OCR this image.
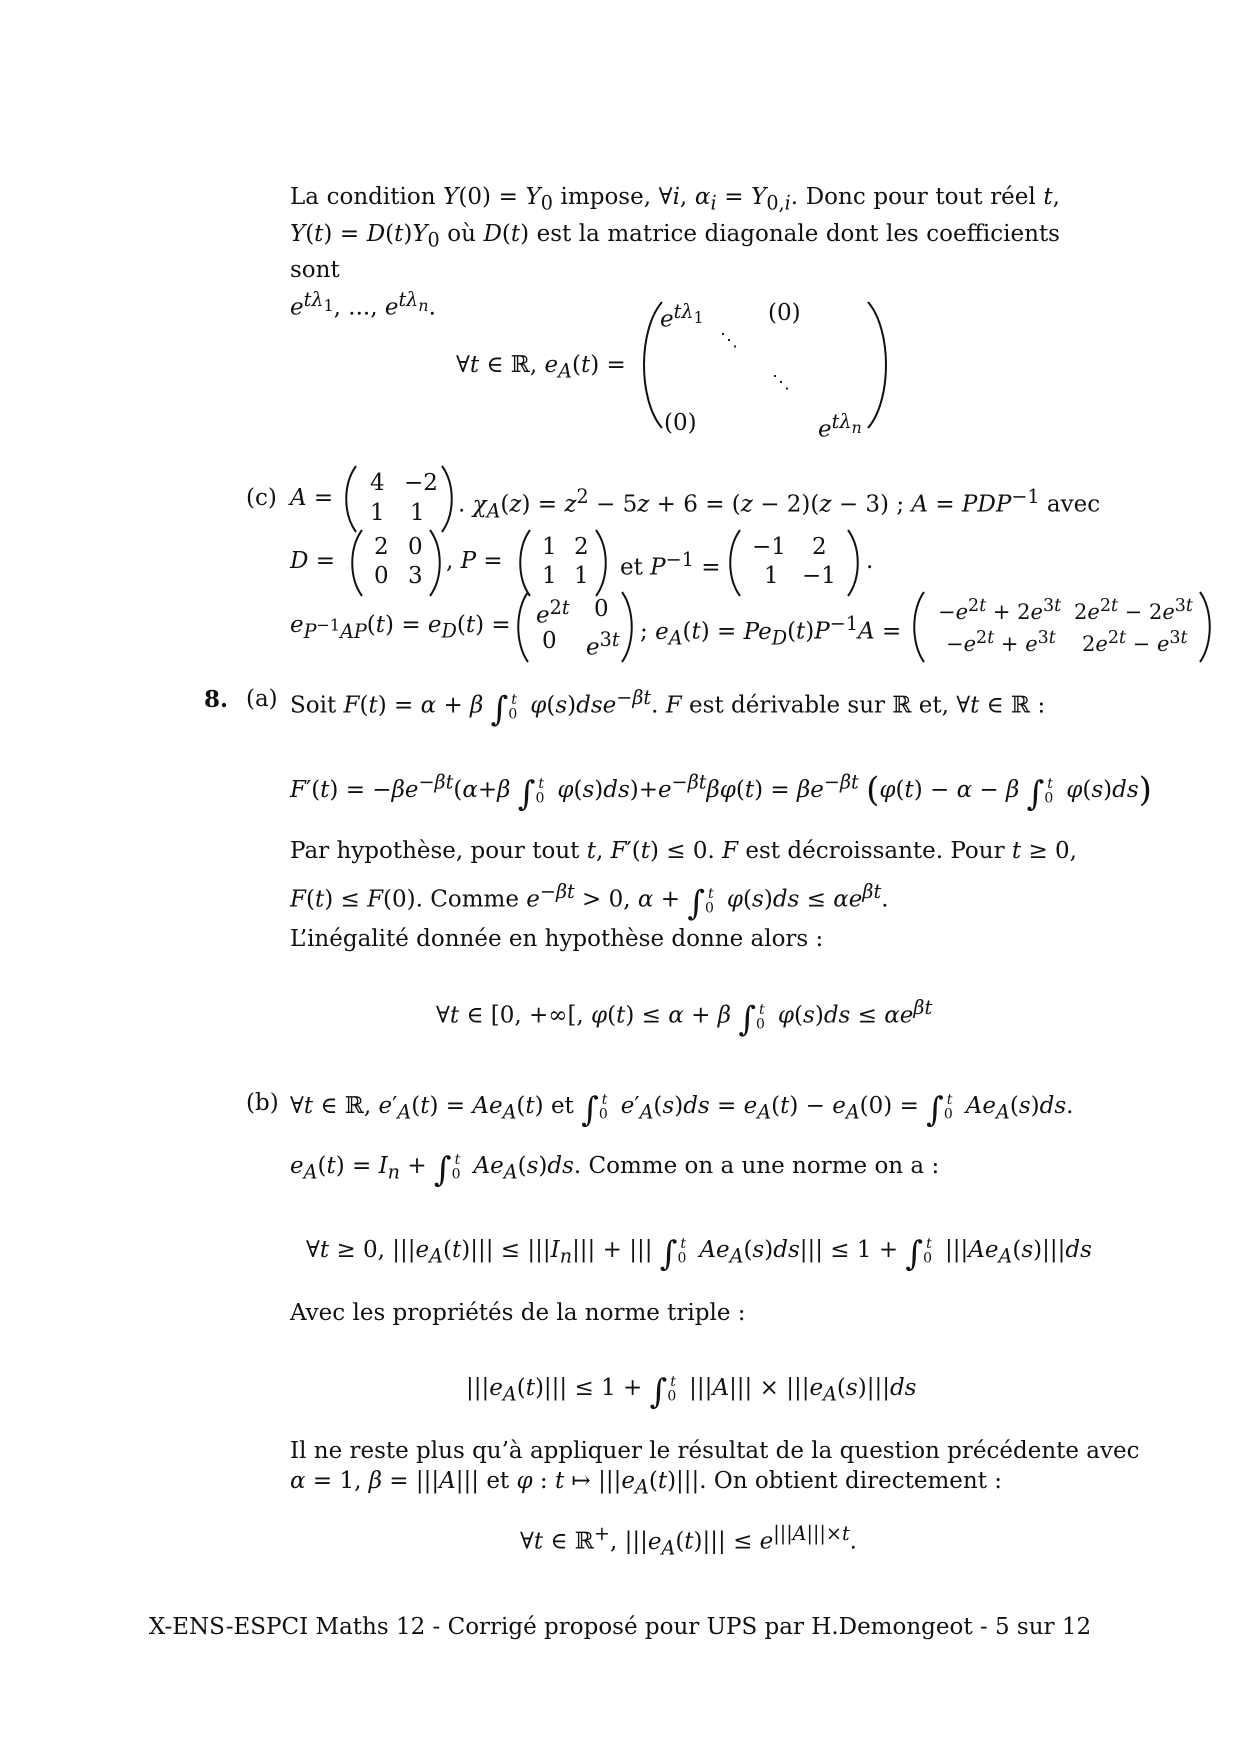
La condition $Y(0) = Y_0$ impose, ∀i, $\alpha_i = Y_{0,i}$. Donc pour tout réel t,
$Y(t) = D(t)Y_0$ où D(t) est la matrice diagonale dont les coefficients sont
$e^{t\lambda_1}$, ..., $e^{t\lambda_n}$.
∀t ∈ ℝ, $e_A(t)$ =
$e^{t\lambda_1}$	(0)
⋱
⋱
(0)	$e^{t\lambda_n}$
(c) A =
4 −2
1 1 . $\chi_A(z) = z^2 - 5z + 6 = (z - 2)(z - 3)$ ; $A = PDP^{-1}$ avec
D =
2 0
0 3
, P =
1 2
1 1 et $P^{-1}$ =
−1 2
1 −1
.
$e_{P^{-1}AP}(t) = e_D(t) = e^{2t}$ 0
0 $e^{3t}$ ; $e_A(t) = Pe_D(t)P^{-1}A$ =
$-e^{2t} + 2e^{3t}$ $2e^{2t} - 2e^{3t}$
$-e^{2t} + e^{3t}$ $2e^{2t} - e^{3t}$
8. (a) Soit F(t) = α + β $\int_0^t$ φ(s)dse$^{-\beta t}$. F est dérivable sur ℝ et, ∀t ∈ ℝ :
$F'(t) = -\beta e^{-\beta t}(\alpha+\beta$ $\int_0^t$ $\varphi(s)ds)+e^{-\beta t}\beta\varphi(t) = \beta e^{-\beta t}$ (φ(t) − α − β $\int_0^t$ φ(s)ds)
Par hypothèse, pour tout t, F′(t) ≤ 0. F est décroissante. Pour t ≥ 0,
F(t) ≤ F(0). Comme $e^{-\beta t} > 0$, $\alpha + \int_0^t$ $\varphi(s)ds \le \alpha e^{\beta t}$.
L’inégalité donnée en hypothèse donne alors :
∀t ∈ [0, +∞[, φ(t) ≤ α + β $\int_0^t$ $\varphi(s)ds \le \alpha e^{\beta t}$
(b) ∀t ∈ ℝ, $e'_A(t) = Ae_A(t)$ et $\int_0^t$ $e'_A(s)ds = e_A(t) - e_A(0) = \int_0^t$ $Ae_A(s)ds$.
$e_A(t) = I_n + \int_0^t$ $Ae_A(s)ds$. Comme on a une norme on a :
∀t ≥ 0, $|||e_A(t)||| \le |||I_n|||$ + ||| $\int_0^t$ $Ae_A(s)ds||| \le 1 + \int_0^t$ $|||Ae_A(s)|||ds$
Avec les propriétés de la norme triple :
$|||e_A(t)||| \le 1 + \int_0^t$ $|||A||| \times |||e_A(s)|||ds$
Il ne reste plus qu’à appliquer le résultat de la question précédente avec
α = 1, β = |||A||| et φ : t ↦ $|||e_A(t)|||$. On obtient directement :
∀t ∈ ℝ+, $|||e_A(t)||| \le e^{|||A|||\times t}$.
X-ENS-ESPCI Maths 12 - Corrigé proposé pour UPS par H.Demongeot - 5 sur 12
